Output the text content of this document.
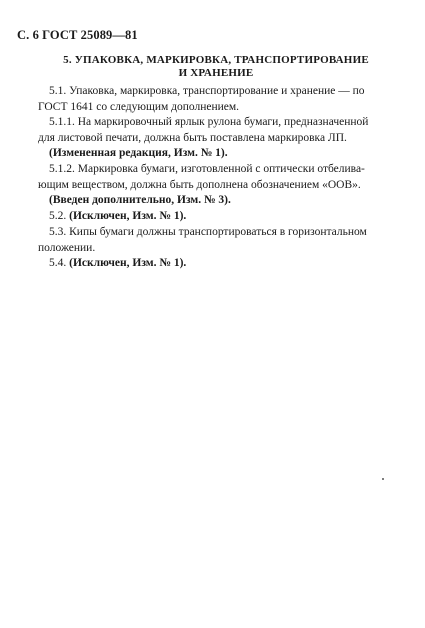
С. 6 ГОСТ 25089—81
5. УПАКОВКА, МАРКИРОВКА, ТРАНСПОРТИРОВАНИЕ
И ХРАНЕНИЕ
5.1. Упаковка, маркировка, транспортирование и хранение — по
ГОСТ 1641 со следующим дополнением.
5.1.1. На маркировочный ярлык рулона бумаги, предназначенной
для листовой печати, должна быть поставлена маркировка ЛП.
(Измененная редакция, Изм. № 1).
5.1.2. Маркировка бумаги, изготовленной с оптически отбелива-
ющим веществом, должна быть дополнена обозначением «ООВ».
(Введен дополнительно, Изм. № 3).
5.2. (Исключен, Изм. № 1).
5.3. Кипы бумаги должны транспортироваться в горизонтальном
положении.
5.4. (Исключен, Изм. № 1).
